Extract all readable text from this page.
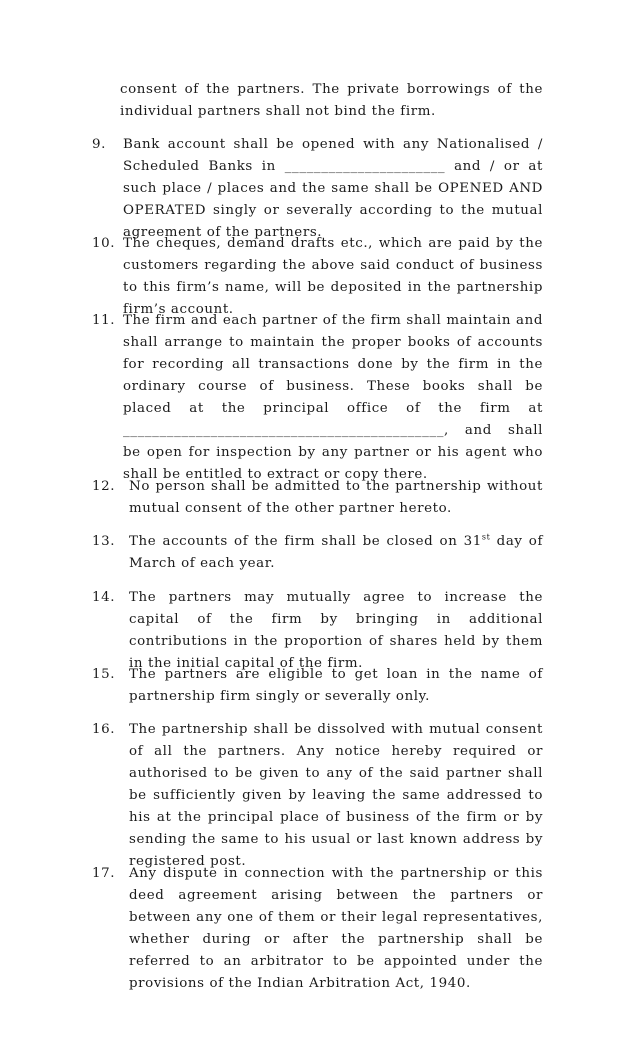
consent of the partners. The private borrowings of the individual partners shall not bind the firm.

9. Bank account shall be opened with any Nationalised / Scheduled Banks in ______________________ and / or at such place / places and the same shall be OPENED AND OPERATED singly or severally according to the mutual agreement of the partners.

10. The cheques, demand drafts etc., which are paid by the customers regarding the above said conduct of business to this firm’s name, will be deposited in the partnership firm’s account.

11. The firm and each partner of the firm shall maintain and shall arrange to maintain the proper books of accounts for recording all transactions done by the firm in the ordinary course of business. These books shall be placed at the principal office of the firm at ____________________________________________, and shall be open for inspection by any partner or his agent who shall be entitled to extract or copy there.

12. No person shall be admitted to the partnership without mutual consent of the other partner hereto.

13. The accounts of the firm shall be closed on 31st day of March of each year.

14. The partners may mutually agree to increase the capital of the firm by bringing in additional contributions in the proportion of shares held by them in the initial capital of the firm.

15. The partners are eligible to get loan in the name of partnership firm singly or severally only.

16. The partnership shall be dissolved with mutual consent of all the partners. Any notice hereby required or authorised to be given to any of the said partner shall be sufficiently given by leaving the same addressed to his at the principal place of business of the firm or by sending the same to his usual or last known address by registered post.

17. Any dispute in connection with the partnership or this deed agreement arising between the partners or between any one of them or their legal representatives, whether during or after the partnership shall be referred to an arbitrator to be appointed under the provisions of the Indian Arbitration Act, 1940.
